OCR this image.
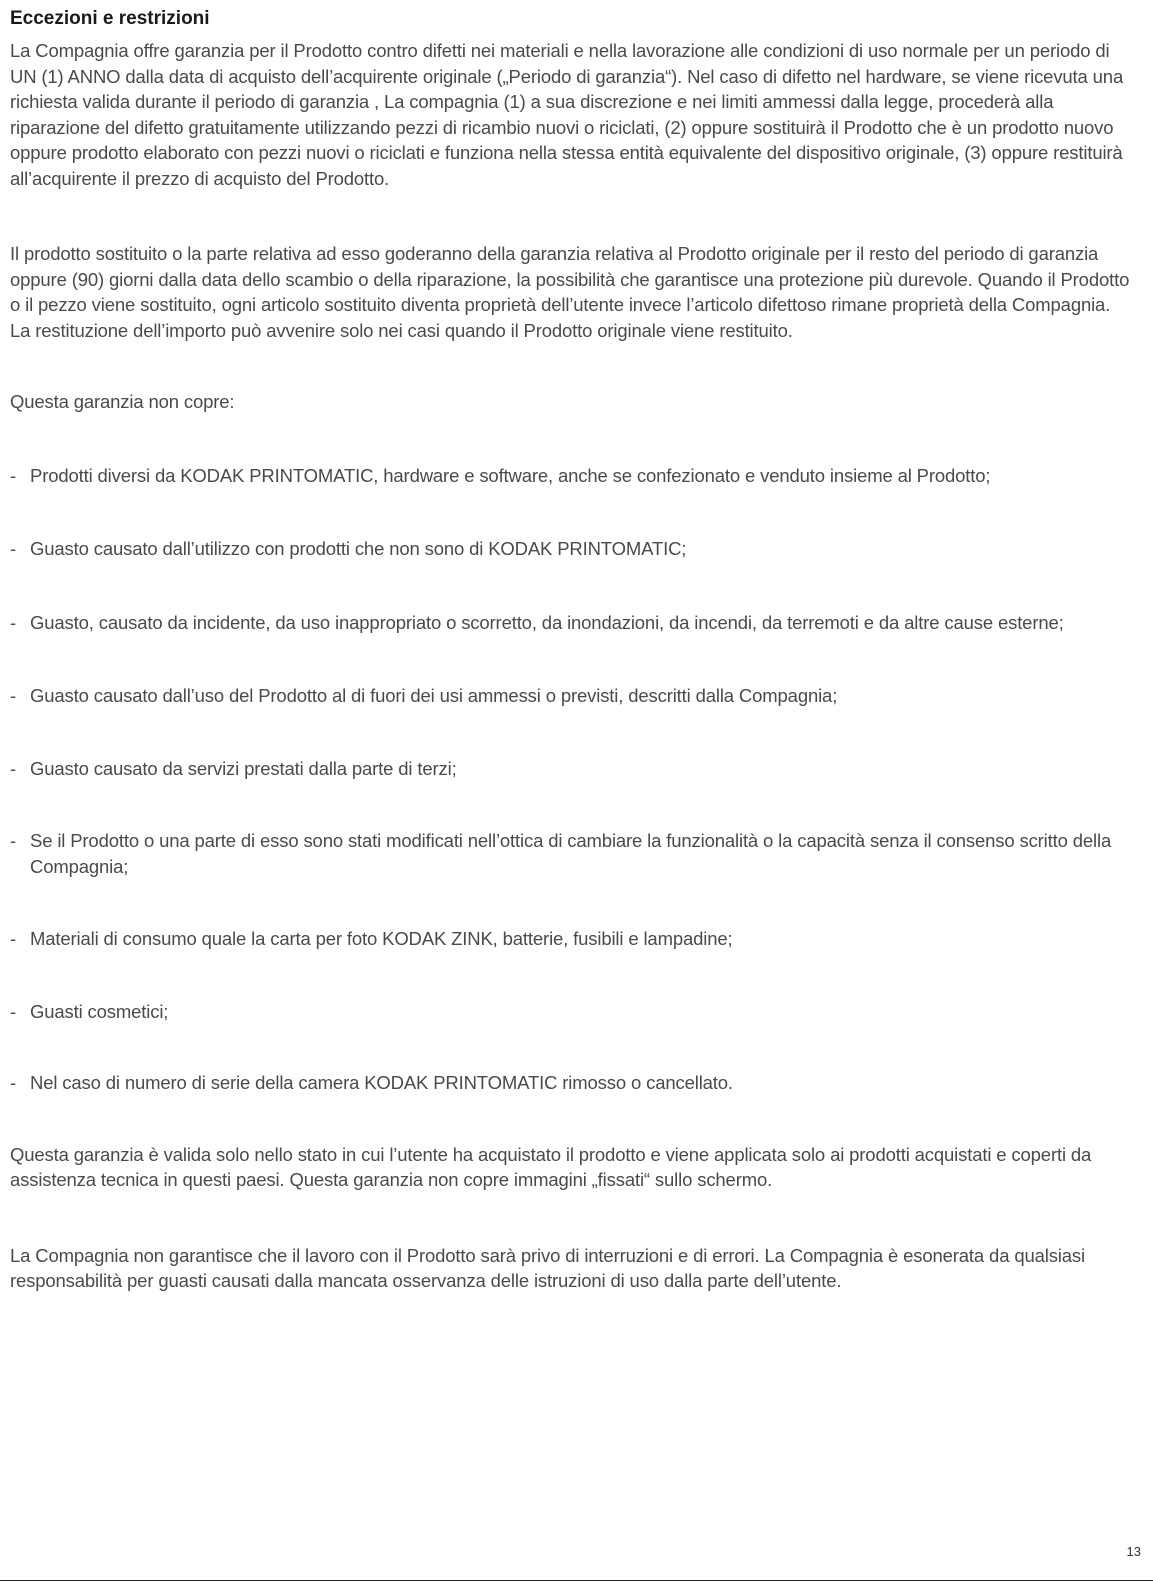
Eccezioni e restrizioni

La Compagnia offre garanzia per il Prodotto contro difetti nei materiali e nella lavorazione alle condizioni di uso normale per un periodo di UN (1) ANNO dalla data di acquisto dell’acquirente originale („Periodo di garanzia“). Nel caso di difetto nel hardware, se viene ricevuta una richiesta valida durante il periodo di garanzia , La compagnia (1) a sua discrezione e nei limiti ammessi dalla legge, procederà alla riparazione del difetto gratuitamente utilizzando pezzi di ricambio nuovi o riciclati, (2) oppure sostituirà il Prodotto che è un prodotto nuovo oppure prodotto elaborato con pezzi nuovi o riciclati e funziona nella stessa entità equivalente del dispositivo originale, (3) oppure restituirà all’acquirente il prezzo di acquisto del Prodotto.

Il prodotto sostituito o la parte relativa ad esso goderanno della garanzia relativa al Prodotto originale per il resto del periodo di garanzia oppure (90) giorni dalla data dello scambio o della riparazione, la possibilità che garantisce una protezione più durevole. Quando il Prodotto o il pezzo viene sostituito, ogni articolo sostituito diventa proprietà dell’utente invece l’articolo difettoso rimane proprietà della Compagnia. La restituzione dell’importo può avvenire solo nei casi quando il Prodotto originale viene restituito.

Questa garanzia non copre:

- Prodotti diversi da KODAK PRINTOMATIC, hardware e software, anche se confezionato e venduto insieme al Prodotto;
- Guasto causato dall’utilizzo con prodotti che non sono di KODAK PRINTOMATIC;
- Guasto, causato da incidente, da uso inappropriato o scorretto, da inondazioni, da incendi, da terremoti e da altre cause esterne;
- Guasto causato dall’uso del Prodotto al di fuori dei usi ammessi o previsti, descritti dalla Compagnia;
- Guasto causato da servizi prestati dalla parte di terzi;
- Se il Prodotto o una parte di esso sono stati modificati nell’ottica di cambiare la funzionalità o la capacità senza il consenso scritto della Compagnia;
- Materiali di consumo quale la carta per foto KODAK ZINK, batterie, fusibili e lampadine;
- Guasti cosmetici;
- Nel caso di numero di serie della camera KODAK PRINTOMATIC rimosso o cancellato.

Questa garanzia è valida solo nello stato in cui l’utente ha acquistato il prodotto e viene applicata solo ai prodotti acquistati e coperti da assistenza tecnica in questi paesi. Questa garanzia non copre immagini „fissati“ sullo schermo.

La Compagnia non garantisce che il lavoro con il Prodotto sarà privo di interruzioni e di errori. La Compagnia è esonerata da qualsiasi responsabilità per guasti causati dalla mancata osservanza delle istruzioni di uso dalla parte dell’utente.

13
